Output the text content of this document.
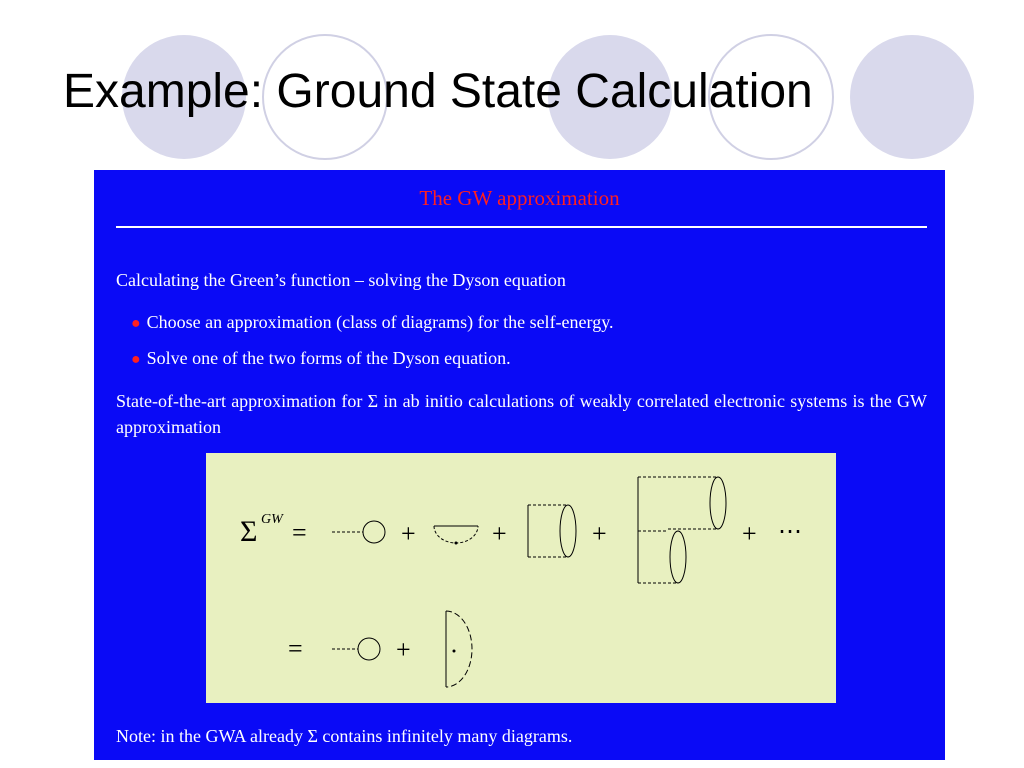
Example: Ground State Calculation
The GW approximation
Calculating the Green’s function – solving the Dyson equation
● Choose an approximation (class of diagrams) for the self-energy.
● Solve one of the two forms of the Dyson equation.
State-of-the-art approximation for Σ in ab initio calculations of weakly correlated electronic systems is the GW approximation
Σ GW =	+	+	+	+ ⋯
=	+
Note: in the GWA already Σ contains infinitely many diagrams.
